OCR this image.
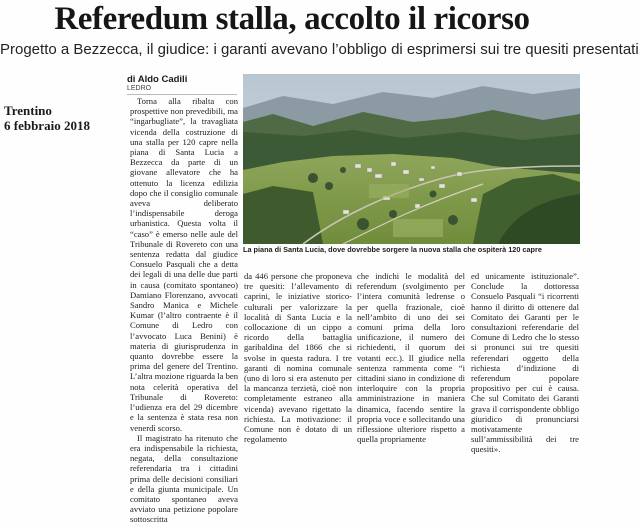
Referedum stalla, accolto il ricorso
Progetto a Bezzecca, il giudice: i garanti avevano l’obbligo di esprimersi sui tre quesiti presentati
di Aldo Cadili
LEDRO
Trentino
6 febbraio 2018

Torna alla ribalta con prospettive non prevedibili, ma “ingarbugliate”, la travagliata vicenda della costruzione di una stalla per 120 capre nella piana di Santa Lucia a Bezzecca da parte di un giovane allevatore che ha ottenuto la licenza edilizia dopo che il consiglio comunale aveva deliberato l’indispensabile deroga urbanistica. Questa volta il “caso” è emerso nelle aule del Tribunale di Rovereto con una sentenza redatta dal giudice Consuelo Pasquali che a detta dei legali di una delle due parti in causa (comitato spontaneo) Damiano Florenzano, avvocati Sandro Manica e Michele Kumar (l’altro contraente è il Comune di Ledro con l’avvocato Luca Benini) è materia di giurisprudenza in quanto dovrebbe essere la prima del genere del Trentino. L’altra mozione riguarda la ben nota celerità operativa del Tribunale di Rovereto: l’udienza era del 29 dicembre e la sentenza è stata resa non venerdì scorso.

Il magistrato ha ritenuto che era indispensabile la richiesta, negata, della consultazione referendaria tra i cittadini prima delle decisioni consiliari e della giunta municipale. Un comitato spontaneo aveva avviato una petizione popolare sottoscritta

La piana di Santa Lucia, dove dovrebbe sorgere la nuova stalla che ospiterà 120 capre

da 446 persone che proponeva tre quesiti: l’allevamento di caprini, le iniziative storico-culturali per valorizzare la località di Santa Lucia e la collocazione di un cippo a ricordo della battaglia garibaldina del 1866 che si svolse in questa radura. I tre garanti di nomina comunale (uno di loro si era astenuto per la mancanza terzietà, cioè non completamente estraneo alla vicenda) avevano rigettato la richiesta. La motivazione: il Comune non è dotato di un regolamento

che indichi le modalità del referendum (svolgimento per l’intera comunità ledrense o per quella frazionale, cioè nell’ambito di uno dei sei comuni prima della loro unificazione, il numero dei richiedenti, il quorum dei votanti ecc.). Il giudice nella sentenza rammenta come “i cittadini siano in condizione di interloquire con la propria amministrazione in maniera dinamica, facendo sentire la propria voce e sollecitando una riflessione ulteriore rispetto a quella propriamente

ed unicamente istituzionale”. Conclude la dottoressa Consuelo Pasquali “i ricorrenti hanno il diritto di ottenere dal Comitato dei Garanti per le consultazioni referendarie del Comune di Ledro che lo stesso si pronunci sui tre quesiti referendari oggetto della richiesta d’indizione di referendum popolare propositivo per cui è causa. Che sul Comitato dei Garanti grava il corrispondente obbligo giuridico di pronunciarsi motivatamente sull’ammissibilità dei tre quesiti».
